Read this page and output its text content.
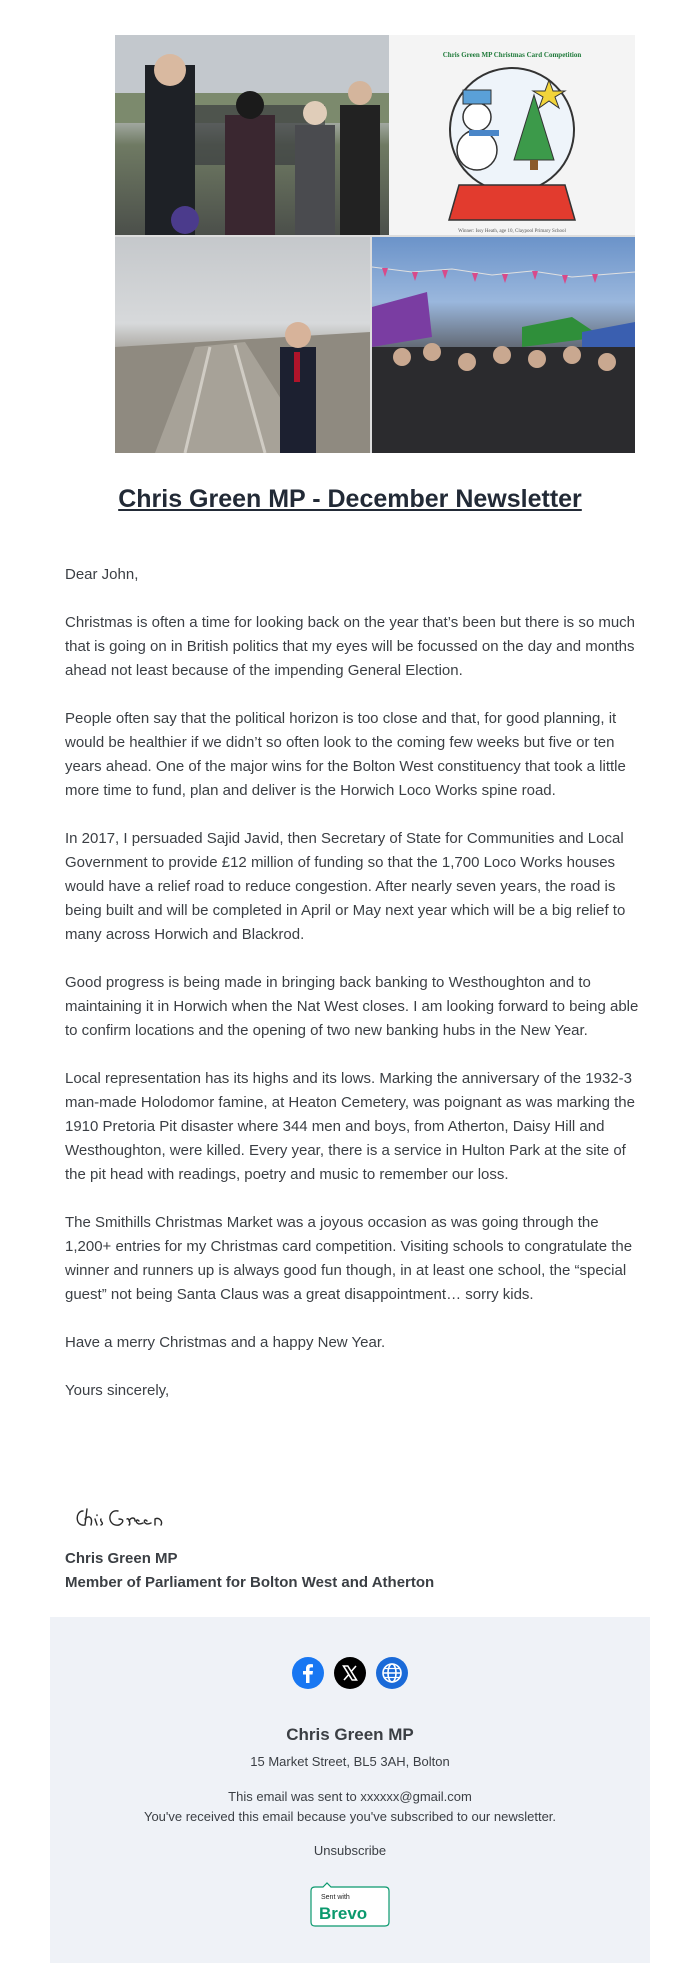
Chris Green MP Christmas Card Competition
Winner: Issy Heath, age 10, Claypool Primary School
Chris Green MP - December Newsletter

Dear John,

Christmas is often a time for looking back on the year that’s been but there is so much that is going on in British politics that my eyes will be focussed on the day and months ahead not least because of the impending General Election.

People often say that the political horizon is too close and that, for good planning, it would be healthier if we didn’t so often look to the coming few weeks but five or ten years ahead. One of the major wins for the Bolton West constituency that took a little more time to fund, plan and deliver is the Horwich Loco Works spine road.

In 2017, I persuaded Sajid Javid, then Secretary of State for Communities and Local Government to provide £12 million of funding so that the 1,700 Loco Works houses would have a relief road to reduce congestion. After nearly seven years, the road is being built and will be completed in April or May next year which will be a big relief to many across Horwich and Blackrod.

Good progress is being made in bringing back banking to Westhoughton and to maintaining it in Horwich when the Nat West closes. I am looking forward to being able to confirm locations and the opening of two new banking hubs in the New Year.

Local representation has its highs and its lows. Marking the anniversary of the 1932-3 man-made Holodomor famine, at Heaton Cemetery, was poignant as was marking the 1910 Pretoria Pit disaster where 344 men and boys, from Atherton, Daisy Hill and Westhoughton, were killed. Every year, there is a service in Hulton Park at the site of the pit head with readings, poetry and music to remember our loss.

The Smithills Christmas Market was a joyous occasion as was going through the 1,200+ entries for my Christmas card competition. Visiting schools to congratulate the winner and runners up is always good fun though, in at least one school, the “special guest” not being Santa Claus was a great disappointment… sorry kids.

Have a merry Christmas and a happy New Year.

Yours sincerely,

Chris Green MP
Member of Parliament for Bolton West and Atherton

Chris Green MP
15 Market Street, BL5 3AH, Bolton
This email was sent to xxxxxx@gmail.com
You've received this email because you've subscribed to our newsletter.
Unsubscribe
Sent with
Brevo
